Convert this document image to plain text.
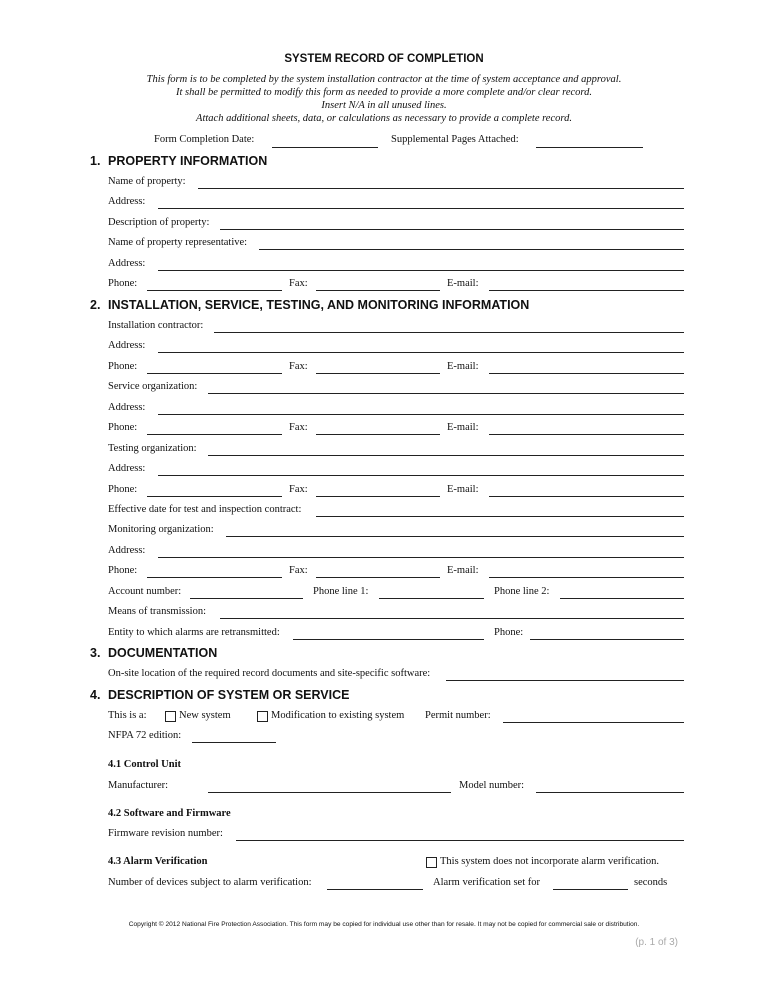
SYSTEM RECORD OF COMPLETION
This form is to be completed by the system installation contractor at the time of system acceptance and approval.
It shall be permitted to modify this form as needed to provide a more complete and/or clear record.
Insert N/A in all unused lines.
Attach additional sheets, data, or calculations as necessary to provide a complete record.
Form Completion Date:	Supplemental Pages Attached:
1. PROPERTY INFORMATION
Name of property:
Address:
Description of property:
Name of property representative:
Address:
Phone:	Fax:	E-mail:
2. INSTALLATION, SERVICE, TESTING, AND MONITORING INFORMATION
Installation contractor:
Address:
Phone:	Fax:	E-mail:
Service organization:
Address:
Phone:	Fax:	E-mail:
Testing organization:
Address:
Phone:	Fax:	E-mail:
Effective date for test and inspection contract:
Monitoring organization:
Address:
Phone:	Fax:	E-mail:
Account number:	Phone line 1:	Phone line 2:
Means of transmission:
Entity to which alarms are retransmitted:	Phone:
3. DOCUMENTATION
On-site location of the required record documents and site-specific software:
4. DESCRIPTION OF SYSTEM OR SERVICE
This is a:	New system	Modification to existing system Permit number:
NFPA 72 edition:
4.1 Control Unit
Manufacturer:	Model number:
4.2 Software and Firmware
Firmware revision number:
4.3 Alarm Verification	This system does not incorporate alarm verification.
Number of devices subject to alarm verification:	Alarm verification set for	seconds
Copyright © 2012 National Fire Protection Association. This form may be copied for individual use other than for resale. It may not be copied for commercial sale or distribution.
(p. 1 of 3)
